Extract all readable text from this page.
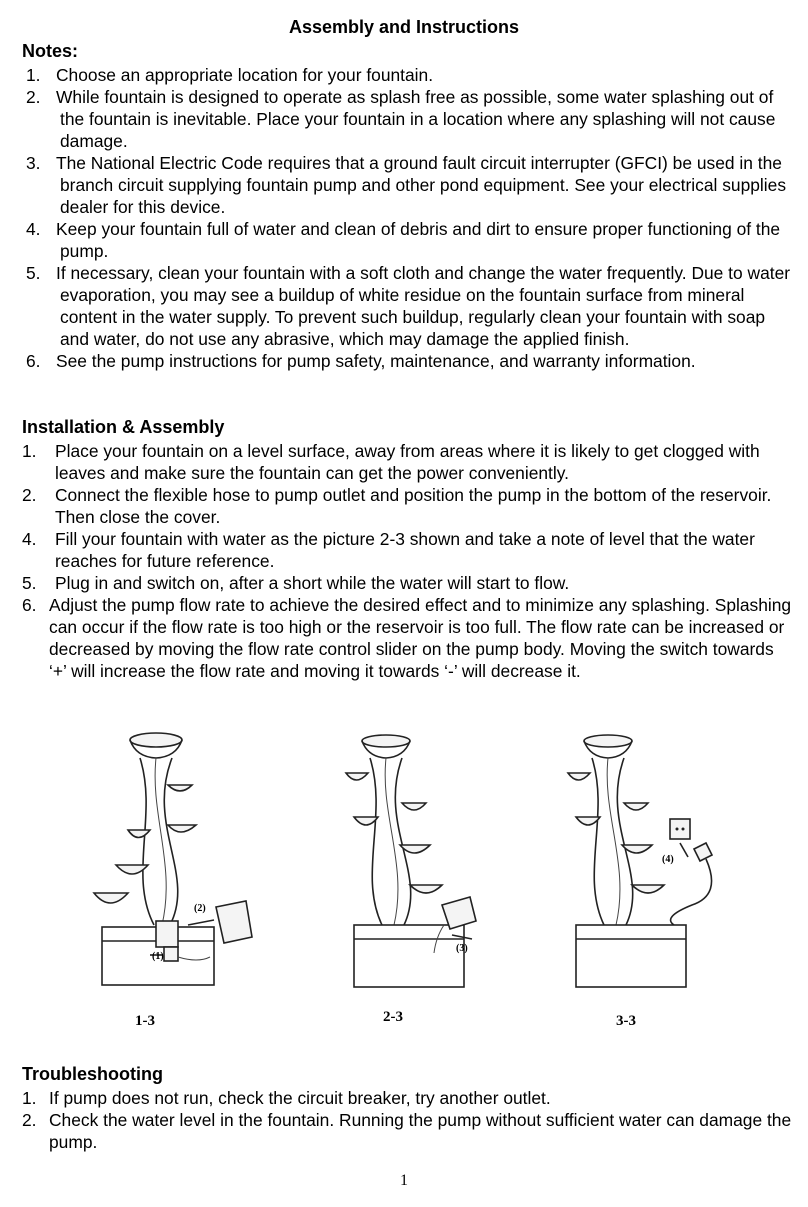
Assembly and Instructions
Notes:
1. Choose an appropriate location for your fountain.
2. While fountain is designed to operate as splash free as possible, some water splashing out of the fountain is inevitable. Place your fountain in a location where any splashing will not cause damage.
3. The National Electric Code requires that a ground fault circuit interrupter (GFCI) be used in the branch circuit supplying fountain pump and other pond equipment. See your electrical supplies dealer for this device.
4. Keep your fountain full of water and clean of debris and dirt to ensure proper functioning of the pump.
5. If necessary, clean your fountain with a soft cloth and change the water frequently. Due to water evaporation, you may see a buildup of white residue on the fountain surface from mineral content in the water supply. To prevent such buildup, regularly clean your fountain with soap and water, do not use any abrasive, which may damage the applied finish.
6. See the pump instructions for pump safety, maintenance, and warranty information.
Installation & Assembly
1. Place your fountain on a level surface, away from areas where it is likely to get clogged with leaves and make sure the fountain can get the power conveniently.
2. Connect the flexible hose to pump outlet and position the pump in the bottom of the reservoir. Then close the cover.
4. Fill your fountain with water as the picture 2-3 shown and take a note of level that the water reaches for future reference.
5. Plug in and switch on, after a short while the water will start to flow.
6. Adjust the pump flow rate to achieve the desired effect and to minimize any splashing. Splashing can occur if the flow rate is too high or the reservoir is too full. The flow rate can be increased or decreased by moving the flow rate control slider on the pump body. Moving the switch towards ‘+’ will increase the flow rate and moving it towards ‘-’ will decrease it.
(2)
(1)
1-3
(3)
2-3
(4)
3-3
Troubleshooting
1. If pump does not run, check the circuit breaker, try another outlet.
2. Check the water level in the fountain. Running the pump without sufficient water can damage the pump.
1
